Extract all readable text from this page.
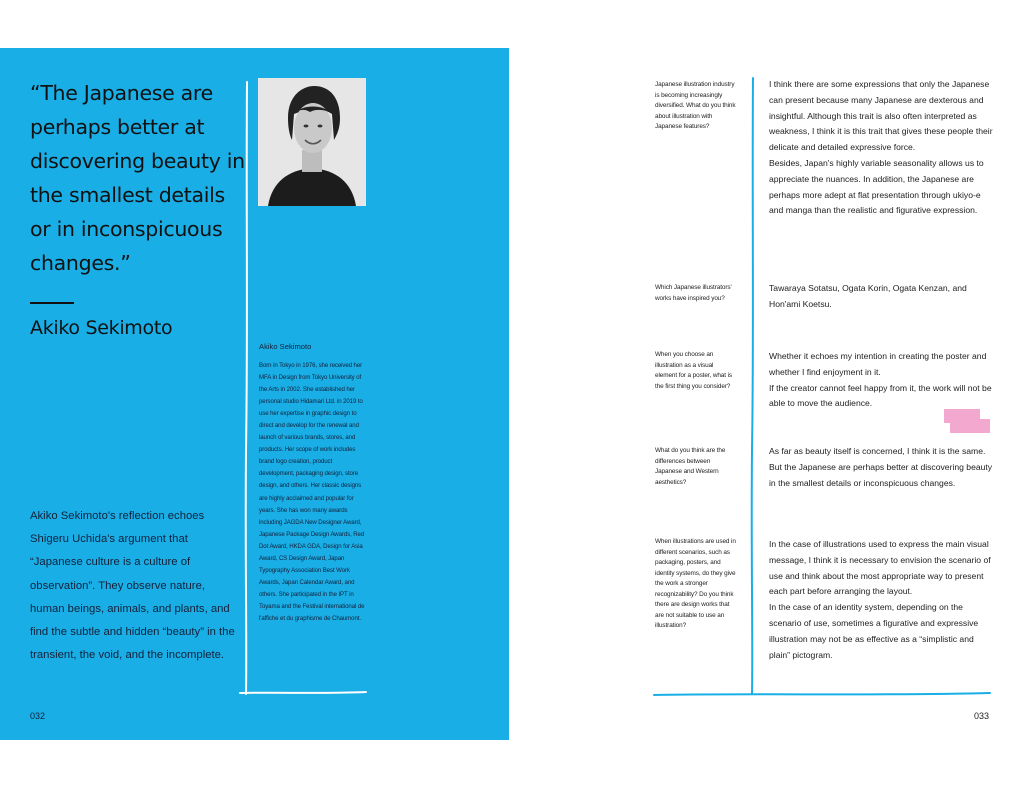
“The Japanese are perhaps better at discovering beauty in the smallest details or in inconspicuous changes.”

Akiko Sekimoto

Akiko Sekimoto's reflection echoes Shigeru Uchida's argument that “Japanese culture is a culture of observation”. They observe nature, human beings, animals, and plants, and find the subtle and hidden “beauty” in the transient, the void, and the incomplete.

Akiko Sekimoto

Born in Tokyo in 1976, she received her MFA in Design from Tokyo University of the Arts in 2002. She established her personal studio Hidamari Ltd. in 2019 to use her expertise in graphic design to direct and develop for the renewal and launch of various brands, stores, and products. Her scope of work includes brand logo creation, product development, packaging design, store design, and others. Her classic designs are highly acclaimed and popular for years. She has won many awards including JAGDA New Designer Award, Japanese Package Design Awards, Red Dot Award, HKDA GDA, Design for Asia Award, CS Design Award, Japan Typography Association Best Work Awards, Japan Calendar Award, and others. She participated in the IPT in Toyama and the Festival international de l'affiche et du graphisme de Chaumont.

032

Japanese illustration industry is becoming increasingly diversified. What do you think about illustration with Japanese features?

I think there are some expressions that only the Japanese can present because many Japanese are dexterous and insightful. Although this trait is also often interpreted as weakness, I think it is this trait that gives these people their delicate and detailed expressive force.
Besides, Japan's highly variable seasonality allows us to appreciate the nuances. In addition, the Japanese are perhaps more adept at flat presentation through ukiyo-e and manga than the realistic and figurative expression.

Which Japanese illustrators' works have inspired you?

Tawaraya Sotatsu, Ogata Korin, Ogata Kenzan, and Hon'ami Koetsu.

When you choose an illustration as a visual element for a poster, what is the first thing you consider?

Whether it echoes my intention in creating the poster and whether I find enjoyment in it.
If the creator cannot feel happy from it, the work will not be able to move the audience.

What do you think are the differences between Japanese and Western aesthetics?

As far as beauty itself is concerned, I think it is the same. But the Japanese are perhaps better at discovering beauty in the smallest details or inconspicuous changes.

When illustrations are used in different scenarios, such as packaging, posters, and identity systems, do they give the work a stronger recognizability? Do you think there are design works that are not suitable to use an illustration?

In the case of illustrations used to express the main visual message, I think it is necessary to envision the scenario of use and think about the most appropriate way to present each part before arranging the layout.
In the case of an identity system, depending on the scenario of use, sometimes a figurative and expressive illustration may not be as effective as a “simplistic and plain” pictogram.

033
